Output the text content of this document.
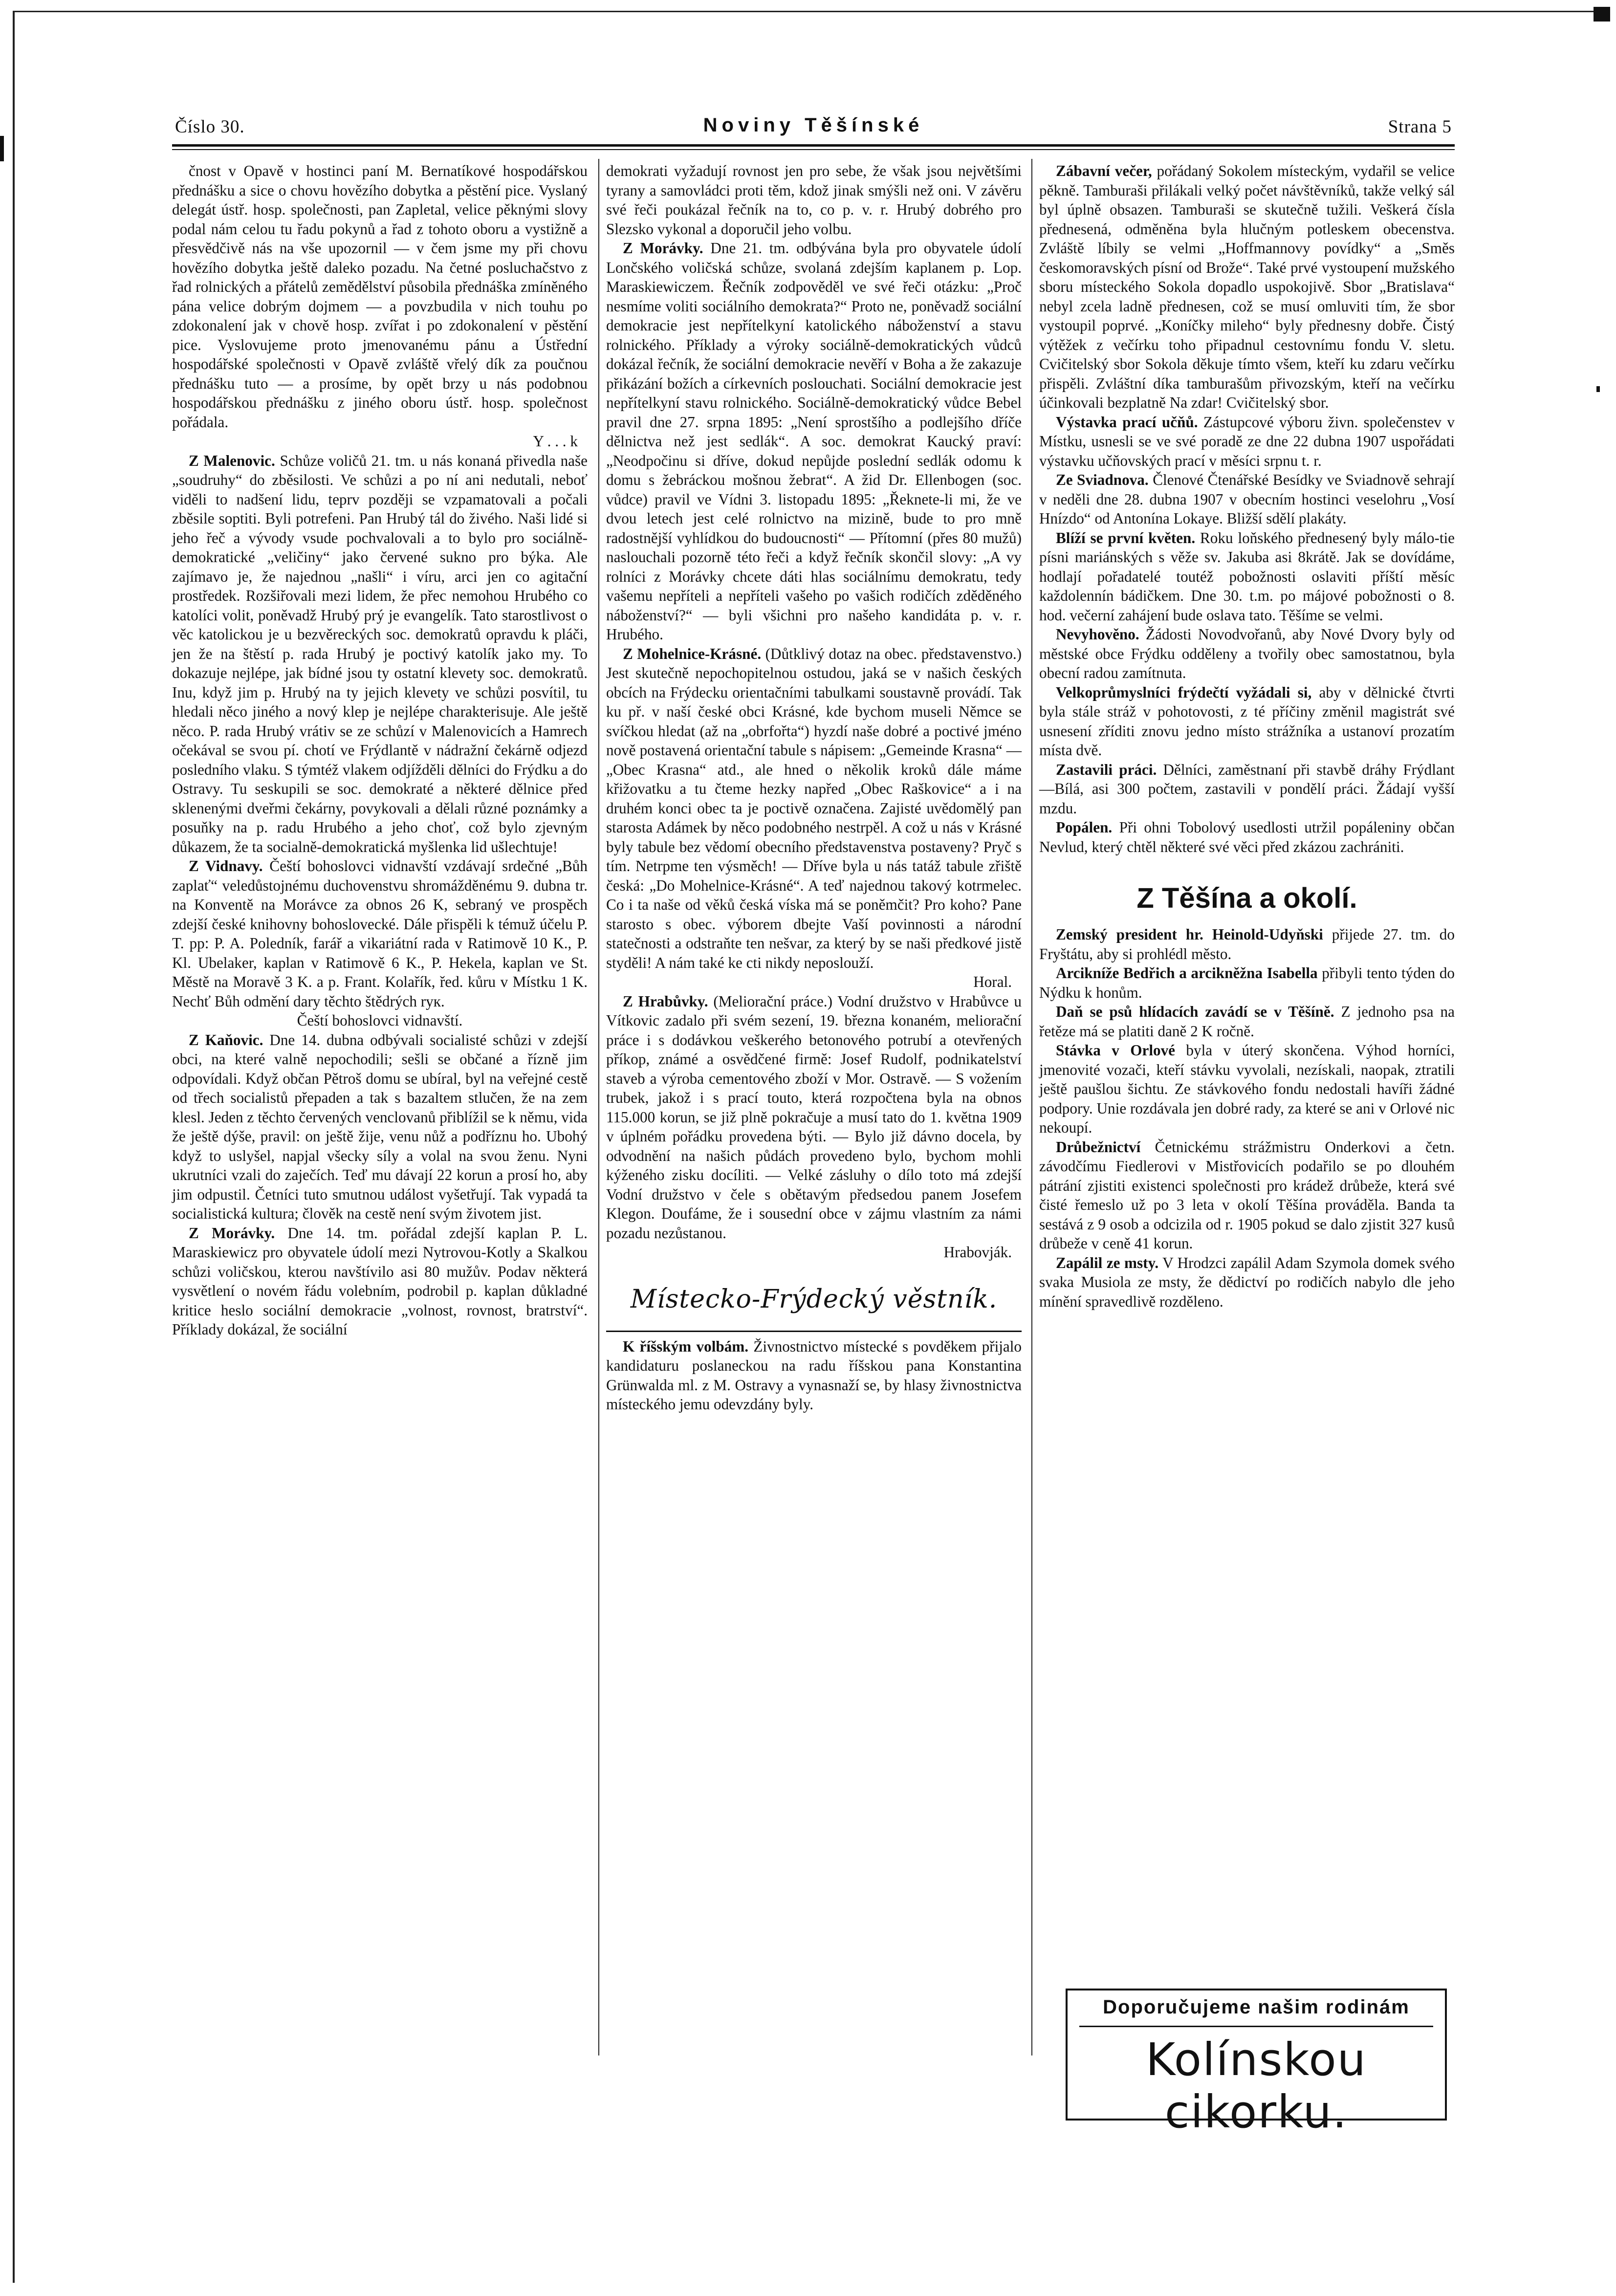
Číslo 30.	Noviny Těšínské	Strana 5

čnost v Opavě v hostinci paní M. Bernatíkové hospodářskou přednášku a sice o chovu hovězího dobytka a pěstění pice. Vyslaný delegát ústř. hosp. společnosti, pan Zapletal, velice pěknými slovy podal nám celou tu řadu pokynů a řad z tohoto oboru a vystižně a přesvědčivě nás na vše upozornil — v čem jsme my při chovu hovězího dobytka ještě daleko pozadu. Na četné posluchačstvo z řad rolnických a přátelů zemědělství působila přednáška zmíněného pána velice dobrým dojmem — a povzbudila v nich touhu po zdokonalení jak v chově hosp. zvířat i po zdokonalení v pěstění pice. Vyslovujeme proto jmenovanému pánu a Ústřední hospodářské společnosti v Opavě zvláště vřelý dík za poučnou přednášku tuto — a prosíme, by opět brzy u nás podobnou hospodářskou přednášku z jiného oboru ústř. hosp. společnost pořádala.

Y . . . k

Z Malenovic. Schůze voličů 21. tm. u nás konaná přivedla naše „soudruhy“ do zběsilosti. Ve schůzi a po ní ani nedutali, neboť viděli to nadšení lidu, teprv později se vzpamatovali a počali zběsile soptiti. Byli potrefeni. Pan Hrubý tál do živého. Naši lidé si jeho řeč a vývody vsude pochvalovali a to bylo pro sociálně-demokratické „veličiny“ jako červené sukno pro býka. Ale zajímavo je, že najednou „našli“ i víru, arci jen co agitační prostředek. Rozšiřovali mezi lidem, že přec nemohou Hrubého co katolíci volit, poněvadž Hrubý prý je evangelík. Tato starostlivost o věc katolickou je u bezvěreckých soc. demokratů opravdu k pláči, jen že na štěstí p. rada Hrubý je poctivý katolík jako my. To dokazuje nejlépe, jak bídné jsou ty ostatní klevety soc. demokratů. Inu, když jim p. Hrubý na ty jejich klevety ve schůzi posvítil, tu hledali něco jiného a nový klep je nejlépe charakterisuje. Ale ještě něco. P. rada Hrubý vrátiv se ze schůzí v Malenovicích a Hamrech očekával se svou pí. chotí ve Frýdlantě v nádražní čekárně odjezd posledního vlaku. S týmtéž vlakem odjížděli dělníci do Frýdku a do Ostravy. Tu seskupili se soc. demokraté a některé dělnice před sklenenými dveřmi čekárny, povykovali a dělali různé poznámky a posuňky na p. radu Hrubého a jeho choť, což bylo zjevným důkazem, že ta socialně-demokratická myšlenka lid ušlechtuje!

Z Vidnavy. Čeští bohoslovci vidnavští vzdávají srdečné „Bůh zaplať“ veledůstojnému duchovenstvu shromážděnému 9. dubna tr. na Konventě na Morávce za obnos 26 K, sebraný ve prospěch zdejší české knihovny bohoslovecké. Dále přispěli k témuž účelu P. T. pp: P. A. Poledník, farář a vikariátní rada v Ratimově 10 K., P. Kl. Ubelaker, kaplan v Ratimově 6 K., P. Hekela, kaplan ve St. Městě na Moravě 3 K. a p. Frant. Kolařík, řed. kůru v Místku 1 K. Nechť Bůh odmění dary těchto štědrých rук.

Čeští bohoslovci vidnavští.

Z Kaňovic. Dne 14. dubna odbývali socialisté schůzi v zdejší obci, na které valně nepochodili; sešli se občané a řízně jim odpovídali. Když občan Pětroš domu se ubíral, byl na veřejné cestě od třech socialistů přepaden a tak s bazaltem stlučen, že na zem klesl. Jeden z těchto červených venclovanů přiblížil se k němu, vida že ještě dýše, pravil: on ještě žije, venu nůž a podříznu ho. Ubohý když to uslyšel, napjal všecky síly a volal na svou ženu. Nyni ukrutníci vzali do zaječích. Teď mu dávají 22 korun a prosí ho, aby jim odpustil. Četníci tuto smutnou událost vyšetřují. Tak vypadá ta socialistická kultura; člověk na cestě není svým životem jist.

Z Morávky. Dne 14. tm. pořádal zdejší kaplan P. L. Maraskiewicz pro obyvatele údolí mezi Nytrovou-Kotly a Skalkou schůzi voličskou, kterou navštívilo asi 80 mužův. Podav některá vysvětlení o novém řádu volebním, podrobil p. kaplan důkladné kritice heslo sociální demokracie „volnost, rovnost, bratrství“. Příklady dokázal, že sociální

demokrati vyžadují rovnost jen pro sebe, že však jsou největšími tyrany a samovládci proti těm, kdož jinak smýšli než oni. V závěru své řeči poukázal řečník na to, co p. v. r. Hrubý dobrého pro Slezsko vykonal a doporučil jeho volbu.

Z Morávky. Dne 21. tm. odbývána byla pro obyvatele údolí Lončského voličská schůze, svolaná zdejším kaplanem p. Lop. Maraskiewiczem. Řečník zodpověděl ve své řeči otázku: „Proč nesmíme voliti sociálního demokrata?“ Proto ne, poněvadž sociální demokracie jest nepřítelkyní katolického náboženství a stavu rolnického. Příklady a výroky sociálně-demokratických vůdců dokázal řečník, že sociální demokracie nevěří v Boha a že zakazuje přikázání božích a církevních poslouchati. Sociální demokracie jest nepřítelkyní stavu rolnického. Sociálně-demokratický vůdce Bebel pravil dne 27. srpna 1895: „Není sprostšího a podlejšího dříče dělnictva než jest sedlák“. A soc. demokrat Kaucký praví: „Neodpočinu si dříve, dokud nepůjde poslední sedlák odomu k domu s žebráckou mošnou žebrat“. A žid Dr. Ellenbogen (soc. vůdce) pravil ve Vídni 3. listopadu 1895: „Řeknete-li mi, že ve dvou letech jest celé rolnictvo na mizině, bude to pro mně radostnější vyhlídkou do budoucnosti“ — Přítomní (přes 80 mužů) naslouchali pozorně této řeči a když řečník skončil slovy: „A vy rolníci z Morávky chcete dáti hlas sociálnímu demokratu, tedy vašemu nepříteli a nepříteli vašeho po vašich rodičích zděděného náboženství?“ — byli všichni pro našeho kandidáta p. v. r. Hrubého.

Z Mohelnice-Krásné. (Důtklivý dotaz na obec. představenstvo.) Jest skutečně nepochopitelnou ostudou, jaká se v našich českých obcích na Frýdecku orientačními tabulkami soustavně provádí. Tak ku př. v naší české obci Krásné, kde bychom museli Němce se svíčkou hledat (až na „obrfořta“) hyzdí naše dobré a poctivé jméno nově postavená orientační tabule s nápisem: „Gemeinde Krasna“ — „Obec Krasna“ atd., ale hned o několik kroků dále máme křižovatku a tu čteme hezky napřed „Obec Raškovice“ a i na druhém konci obec ta je poctivě označena. Zajisté uvědomělý pan starosta Adámek by něco podobného nestrpěl. A což u nás v Krásné byly tabule bez vědomí obecního představenstva postaveny? Pryč s tím. Netrpme ten výsměch! — Dříve byla u nás tatáž tabule zřiště česká: „Do Mohelnice-Krásné“. A teď najednou takový kotrmelec. Co i ta naše od věků česká víska má se poněmčit? Pro koho? Pane starosto s obec. výborem dbejte Vaší povinnosti a národní statečnosti a odstraňte ten nešvar, za který by se naši předkové jistě styděli! A nám také ke cti nikdy neposlouží.

Horal.

Z Hrabůvky. (Meliorační práce.) Vodní družstvo v Hrabůvce u Vítkovic zadalo při svém sezení, 19. března konaném, meliorační práce i s dodávkou veškerého betonového potrubí a otevřených příkop, známé a osvědčené firmě: Josef Rudolf, podnikatelství staveb a výroba cementového zboží v Mor. Ostravě. — S vožením trubek, jakož i s prací touto, která rozpočtena byla na obnos 115.000 korun, se již plně pokračuje a musí tato do 1. května 1909 v úplném pořádku provedena býti. — Bylo již dávno docela, by odvodnění na našich půdách provedeno bylo, bychom mohli kýženého zisku docíliti. — Velké zásluhy o dílo toto má zdejší Vodní družstvo v čele s obětavým předsedou panem Josefem Klegon. Doufáme, že i sousední obce v zájmu vlastním za námi pozadu nezůstanou.

Hrabovják.

Místecko-Frýdecký věstník.

K říšským volbám. Živnostnictvo místecké s povděkem přijalo kandidaturu poslaneckou na radu říšskou pana Konstantina Grünwalda ml. z M. Ostravy a vynasnaží se, by hlasy živnostnictva místeckého jemu odevzdány byly.

Zábavní večer, pořádaný Sokolem místeckým, vydařil se velice pěkně. Tamburaši přilákali velký počet návštěvníků, takže velký sál byl úplně obsazen. Tamburaši se skutečně tužili. Veškerá čísla přednesená, odměněna byla hlučným potleskem obecenstva. Zvláště líbily se velmi „Hoffmannovy povídky“ a „Směs českomoravských písní od Brože“. Také prvé vystoupení mužského sboru místeckého Sokola dopadlo uspokojivě. Sbor „Bratislava“ nebyl zcela ladně přednesen, což se musí omluviti tím, že sbor vystoupil poprvé. „Koníčky mileho“ byly přednesny dobře. Čistý výtěžek z večírku toho připadnul cestovnímu fondu V. sletu. Cvičitelský sbor Sokola děkuje tímto všem, kteří ku zdaru večírku přispěli. Zvláštní díka tamburašům přivozským, kteří na večírku účinkovali bezplatně Na zdar! Cvičitelský sbor.

Výstavka prací učňů. Zástupcové výboru živn. společenstev v Místku, usnesli se ve své poradě ze dne 22 dubna 1907 uspořádati výstavku učňovských prací v měsíci srpnu t. r.

Ze Sviadnova. Členové Čtenářské Besídky ve Sviadnově sehrají v neděli dne 28. dubna 1907 v obecním hostinci veselohru „Vosí Hnízdo“ od Antonína Lokaye. Bližší sdělí plakáty.

Blíží se první květen. Roku loňského přednesený byly málo-tie písni mariánských s věže sv. Jakuba asi 8krátě. Jak se dovídáme, hodlají pořadatelé toutéž pobožnosti oslaviti příští měsíc každolennín bádičkem. Dne 30. t.m. po májové pobožnosti o 8. hod. večerní zahájení bude oslava tato. Těšíme se velmi.

Nevyhověno. Žádosti Novodvořanů, aby Nové Dvory byly od městské obce Frýdku odděleny a tvořily obec samostatnou, byla obecní radou zamítnuta.

Velkoprůmyslníci frýdečtí vyžádali si, aby v dělnické čtvrti byla stále stráž v pohotovosti, z té příčiny změnil magistrát své usnesení zříditi znovu jedno místo strážníka a ustanoví prozatím místa dvě.

Zastavili práci. Dělníci, zaměstnaní při stavbě dráhy Frýdlant —Bílá, asi 300 počtem, zastavili v pondělí práci. Žádají vyšší mzdu.

Popálen. Při ohni Tobolový usedlosti utržil popáleniny občan Nevlud, který chtěl některé své věci před zkázou zachrániti.

Z Těšína a okolí.

Zemský president hr. Heinold-Udyňski přijede 27. tm. do Fryštátu, aby si prohlédl město.

Arcikníže Bedřich a arcikněžna Isabella přibyli tento týden do Nýdku k honům.

Daň se psů hlídacích zavádí se v Těšíně. Z jednoho psa na řetěze má se platiti daně 2 K ročně.

Stávka v Orlové byla v úterý skončena. Výhod horníci, jmenovité vozači, kteří stávku vyvolali, nezískali, naopak, ztratili ještě paušlou šichtu. Ze stávkového fondu nedostali havíři žádné podpory. Unie rozdávala jen dobré rady, za které se ani v Orlové nic nekoupí.

Drůbežnictví Četnickému strážmistru Onderkovi a četn. závodčímu Fiedlerovi v Mistřovicích podařilo se po dlouhém pátrání zjistiti existenci společnosti pro krádež drůbeže, která své čisté řemeslo už po 3 leta v okolí Těšína prováděla. Banda ta sestává z 9 osob a odcizila od r. 1905 pokud se dalo zjistit 327 kusů drůbeže v ceně 41 korun.

Zapálil ze msty. V Hrodzci zapálil Adam Szymola domek svého svaka Musiola ze msty, že dědictví po rodičích nabylo dle jeho mínění spravedlivě rozděleno.

Doporučujeme našim rodinám
Kolínskou cikorku.
